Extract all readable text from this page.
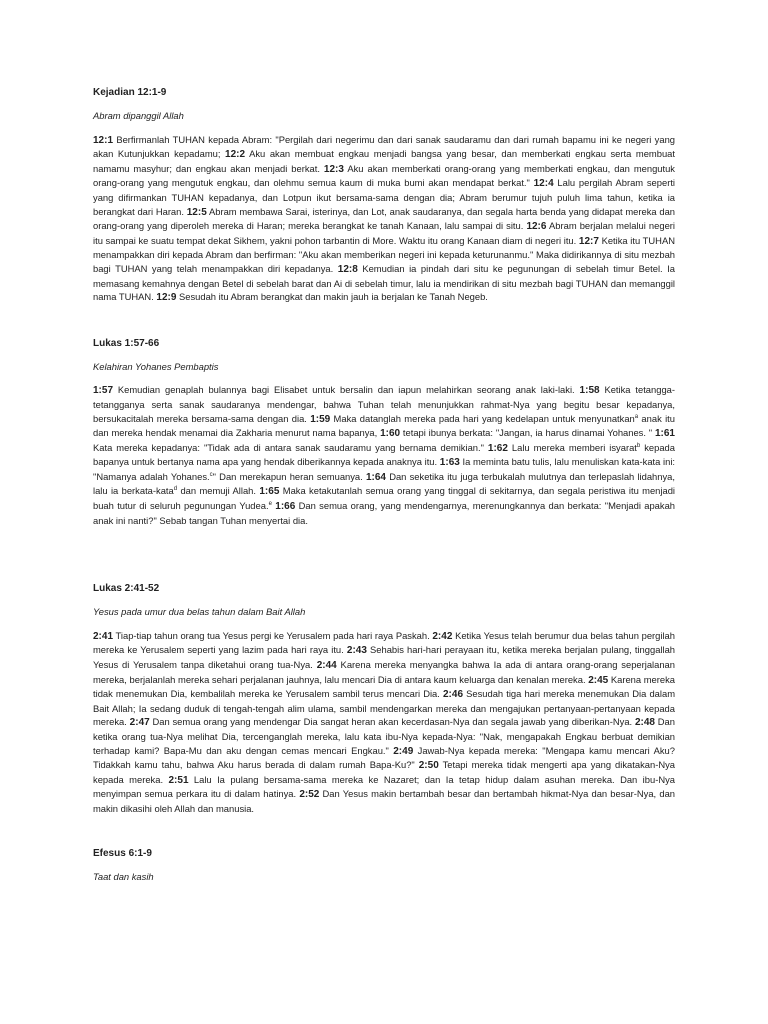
Kejadian 12:1-9
Abram dipanggil Allah

12:1 Berfirmanlah TUHAN kepada Abram: "Pergilah dari negerimu dan dari sanak saudaramu dan dari rumah bapamu ini ke negeri yang akan Kutunjukkan kepadamu; 12:2 Aku akan membuat engkau menjadi bangsa yang besar, dan memberkati engkau serta membuat namamu masyhur; dan engkau akan menjadi berkat. 12:3 Aku akan memberkati orang-orang yang memberkati engkau, dan mengutuk orang-orang yang mengutuk engkau, dan olehmu semua kaum di muka bumi akan mendapat berkat." 12:4 Lalu pergilah Abram seperti yang difirmankan TUHAN kepadanya, dan Lotpun ikut bersama-sama dengan dia; Abram berumur tujuh puluh lima tahun, ketika ia berangkat dari Haran. 12:5 Abram membawa Sarai, isterinya, dan Lot, anak saudaranya, dan segala harta benda yang didapat mereka dan orang-orang yang diperoleh mereka di Haran; mereka berangkat ke tanah Kanaan, lalu sampai di situ. 12:6 Abram berjalan melalui negeri itu sampai ke suatu tempat dekat Sikhem, yakni pohon tarbantin di More. Waktu itu orang Kanaan diam di negeri itu. 12:7 Ketika itu TUHAN menampakkan diri kepada Abram dan berfirman: "Aku akan memberikan negeri ini kepada keturunanmu." Maka didirikannya di situ mezbah bagi TUHAN yang telah menampakkan diri kepadanya. 12:8 Kemudian ia pindah dari situ ke pegunungan di sebelah timur Betel. Ia memasang kemahnya dengan Betel di sebelah barat dan Ai di sebelah timur, lalu ia mendirikan di situ mezbah bagi TUHAN dan memanggil nama TUHAN. 12:9 Sesudah itu Abram berangkat dan makin jauh ia berjalan ke Tanah Negeb.

Lukas 1:57-66
Kelahiran Yohanes Pembaptis

1:57 Kemudian genaplah bulannya bagi Elisabet untuk bersalin dan iapun melahirkan seorang anak laki-laki. 1:58 Ketika tetangga-tetangganya serta sanak saudaranya mendengar, bahwa Tuhan telah menunjukkan rahmat-Nya yang begitu besar kepadanya, bersukacitalah mereka bersama-sama dengan dia. 1:59 Maka datanglah mereka pada hari yang kedelapan untuk menyunatkan$^a$ anak itu dan mereka hendak menamai dia Zakharia menurut nama bapanya, 1:60 tetapi ibunya berkata: "Jangan, ia harus dinamai Yohanes. " 1:61 Kata mereka kepadanya: "Tidak ada di antara sanak saudaramu yang bernama demikian." 1:62 Lalu mereka memberi isyarat$^b$ kepada bapanya untuk bertanya nama apa yang hendak diberikannya kepada anaknya itu. 1:63 Ia meminta batu tulis, lalu menuliskan kata-kata ini: "Namanya adalah Yohanes.$^c$" Dan merekapun heran semuanya. 1:64 Dan seketika itu juga terbukalah mulutnya dan terlepaslah lidahnya, lalu ia berkata-kata$^d$ dan memuji Allah. 1:65 Maka ketakutanlah semua orang yang tinggal di sekitarnya, dan segala peristiwa itu menjadi buah tutur di seluruh pegunungan Yudea.$^e$ 1:66 Dan semua orang, yang mendengarnya, merenungkannya dan berkata: "Menjadi apakah anak ini nanti?" Sebab tangan Tuhan menyertai dia.

Lukas 2:41-52
Yesus pada umur dua belas tahun dalam Bait Allah

2:41 Tiap-tiap tahun orang tua Yesus pergi ke Yerusalem pada hari raya Paskah. 2:42 Ketika Yesus telah berumur dua belas tahun pergilah mereka ke Yerusalem seperti yang lazim pada hari raya itu. 2:43 Sehabis hari-hari perayaan itu, ketika mereka berjalan pulang, tinggallah Yesus di Yerusalem tanpa diketahui orang tua-Nya. 2:44 Karena mereka menyangka bahwa Ia ada di antara orang-orang seperjalanan mereka, berjalanlah mereka sehari perjalanan jauhnya, lalu mencari Dia di antara kaum keluarga dan kenalan mereka. 2:45 Karena mereka tidak menemukan Dia, kembalilah mereka ke Yerusalem sambil terus mencari Dia. 2:46 Sesudah tiga hari mereka menemukan Dia dalam Bait Allah; Ia sedang duduk di tengah-tengah alim ulama, sambil mendengarkan mereka dan mengajukan pertanyaan-pertanyaan kepada mereka. 2:47 Dan semua orang yang mendengar Dia sangat heran akan kecerdasan-Nya dan segala jawab yang diberikan-Nya. 2:48 Dan ketika orang tua-Nya melihat Dia, tercenganglah mereka, lalu kata ibu-Nya kepada-Nya: "Nak, mengapakah Engkau berbuat demikian terhadap kami? Bapa-Mu dan aku dengan cemas mencari Engkau." 2:49 Jawab-Nya kepada mereka: "Mengapa kamu mencari Aku? Tidakkah kamu tahu, bahwa Aku harus berada di dalam rumah Bapa-Ku?" 2:50 Tetapi mereka tidak mengerti apa yang dikatakan-Nya kepada mereka. 2:51 Lalu Ia pulang bersama-sama mereka ke Nazaret; dan Ia tetap hidup dalam asuhan mereka. Dan ibu-Nya menyimpan semua perkara itu di dalam hatinya. 2:52 Dan Yesus makin bertambah besar dan bertambah hikmat-Nya dan besar-Nya, dan makin dikasihi oleh Allah dan manusia.

Efesus 6:1-9
Taat dan kasih
